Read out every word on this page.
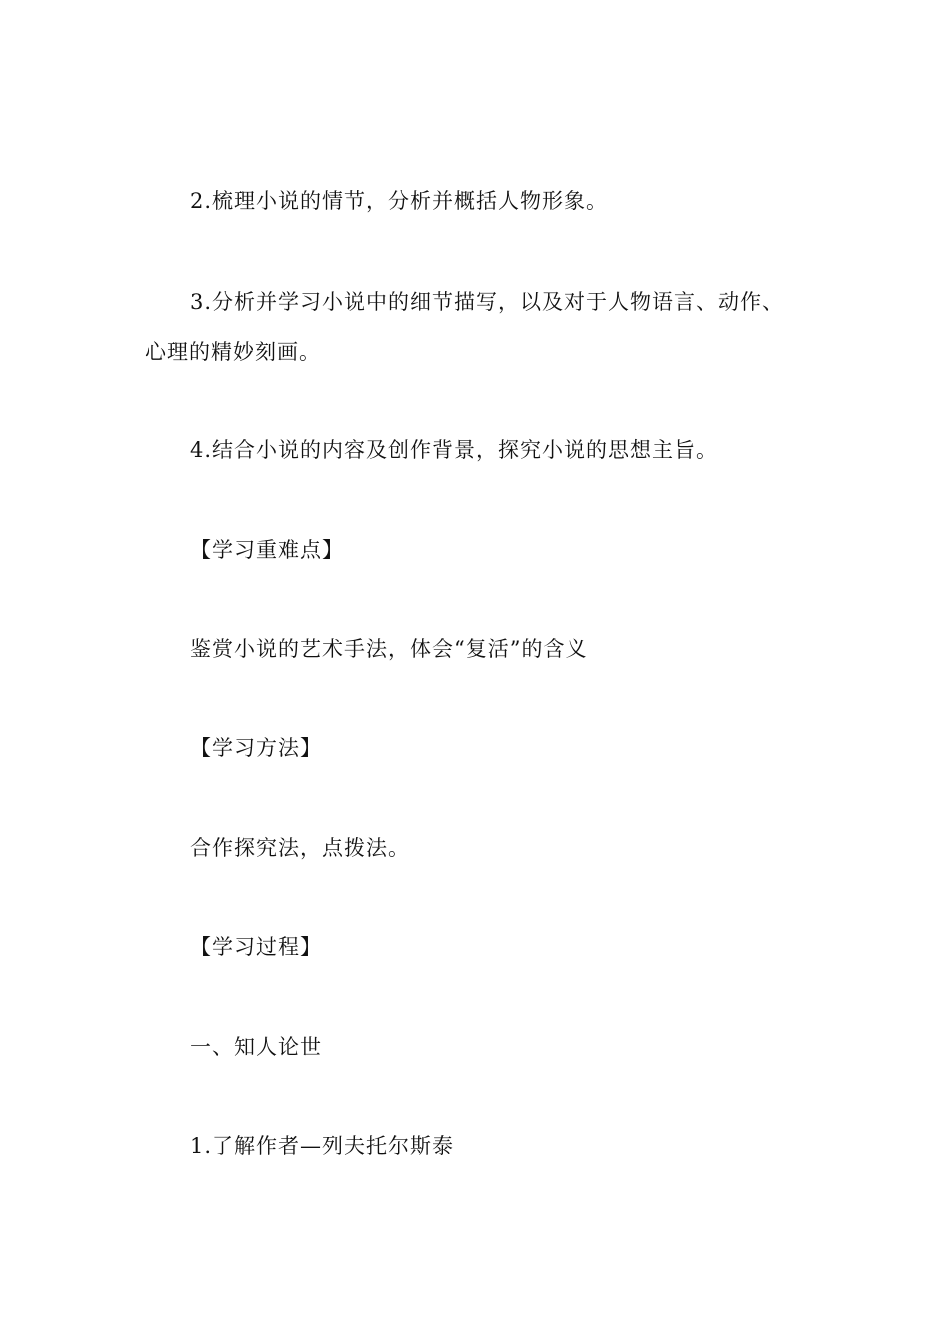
2.梳理小说的情节，分析并概括人物形象。
3.分析并学习小说中的细节描写，以及对于人物语言、动作、
心理的精妙刻画。
4.结合小说的内容及创作背景，探究小说的思想主旨。
【学习重难点】
鉴赏小说的艺术手法，体会“复活”的含义
【学习方法】
合作探究法，点拨法。
【学习过程】
一、知人论世
1.了解作者—列夫托尔斯泰
